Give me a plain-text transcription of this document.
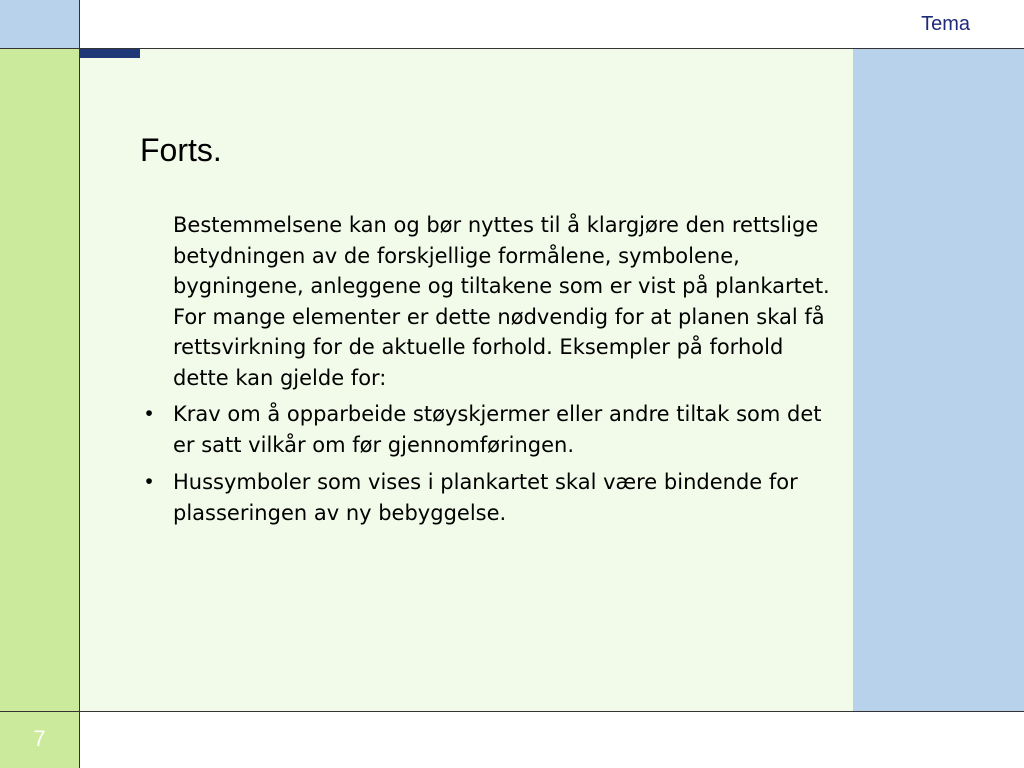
Tema
7
Forts.

Bestemmelsene kan og bør nyttes til å klargjøre den rettslige betydningen av de forskjellige formålene, symbolene, bygningene, anleggene og tiltakene som er vist på plankartet. For mange elementer er dette nødvendig for at planen skal få rettsvirkning for de aktuelle forhold. Eksempler på forhold dette kan gjelde for:

• Krav om å opparbeide støyskjermer eller andre tiltak som det er satt vilkår om før gjennomføringen.
• Hussymboler som vises i plankartet skal være bindende for plasseringen av ny bebyggelse.
